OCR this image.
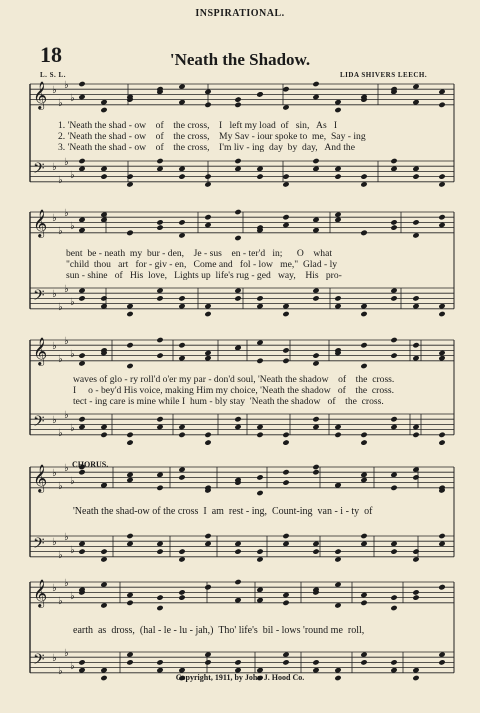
INSPIRATIONAL.
18	'Neath the Shadow.
L. S. L.	LIDA SHIVERS LEECH.
𝄞
𝄢
♭
♭
♭
♭
♭
♭
♭
♭
𝄞
𝄢
♭
♭
♭
♭
♭
♭
♭
♭
𝄞
𝄢
♭
♭
♭
♭
♭
♭
♭
♭
𝄞
𝄢
♭
♭
♭
♭
♭
♭
♭
♭
𝄞
𝄢
♭
♭
♭
♭
♭
♭
♭
♭
1. 'Neath the shad - ow    of    the cross,    I   left my load  of   sin,   As   I
2. 'Neath the shad - ow    of    the cross,    My Sav - iour spoke to  me,  Say - ing
3. 'Neath the shad - ow    of    the cross,    I'm liv - ing  day  by  day,   And the
bent  be - neath  my  bur - den,    Je - sus    en - ter'd   in;      O    what
"child  thou   art   for - giv - en,   Come and   fol - low   me,"  Glad - ly
sun - shine   of   His  love,   Lights up  life's rug - ged   way,    His   pro-
waves of glo - ry roll'd o'er my par - don'd soul, 'Neath the shadow    of    the  cross.
I     o - bey'd His voice, making Him my choice, 'Neath the shadow   of    the  cross.
tect - ing care is mine while I  hum - bly stay  'Neath the shadow   of    the  cross.
CHORUS.
'Neath the shad-ow of the cross  I  am  rest - ing,  Count-ing  van - i - ty  of
earth  as  dross,  (hal - le - lu - jah,)  Tho' life's  bil - lows 'round me  roll,
Copyright, 1911, by John J. Hood Co.
